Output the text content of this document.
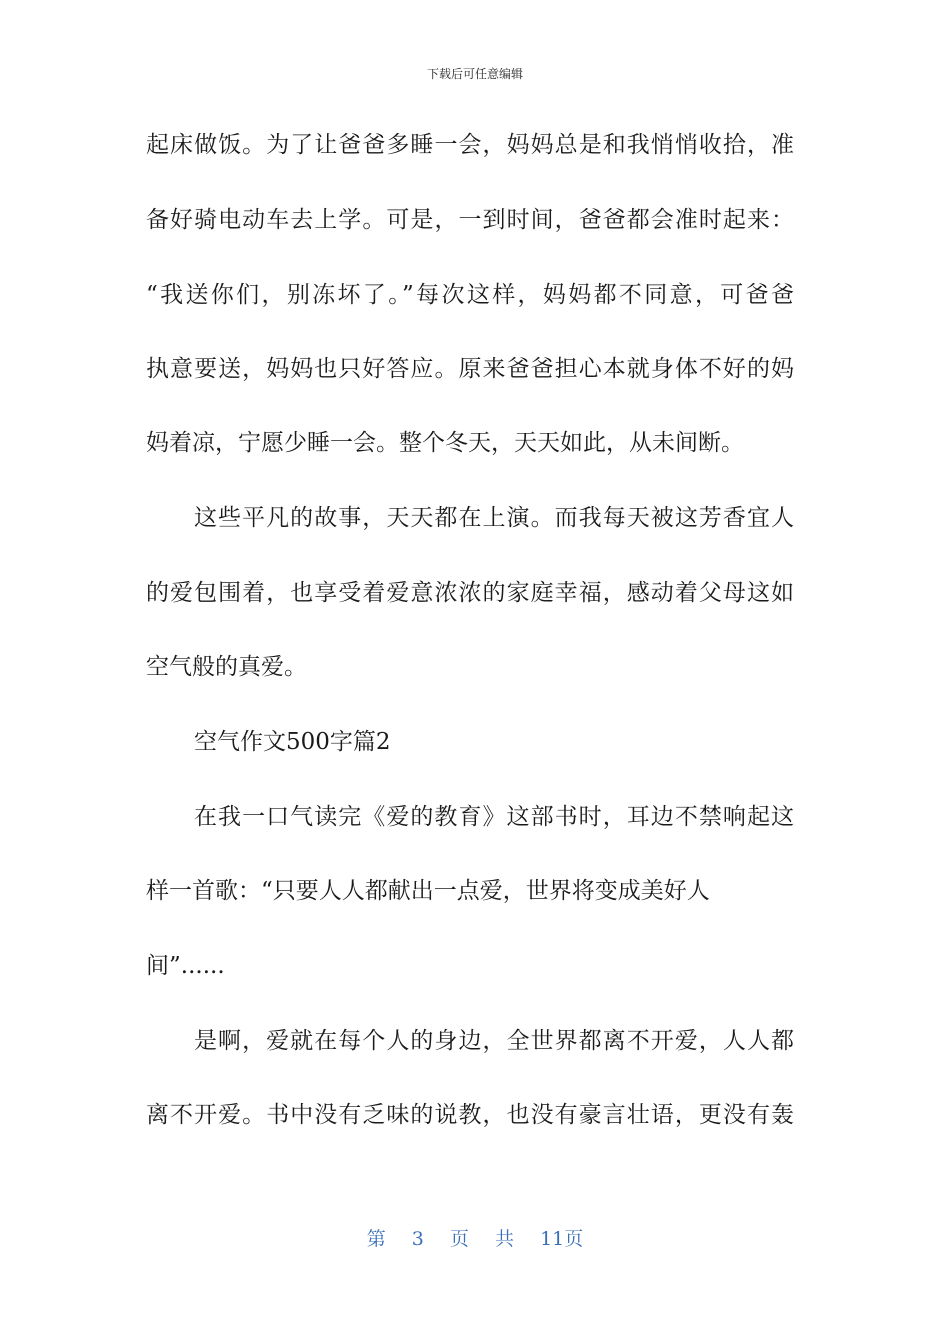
下载后可任意编辑
起床做饭。为了让爸爸多睡一会，妈妈总是和我悄悄收拾，准
备好骑电动车去上学。可是，一到时间，爸爸都会准时起来：
“我送你们，别冻坏了。”每次这样，妈妈都不同意，可爸爸
执意要送，妈妈也只好答应。原来爸爸担心本就身体不好的妈
妈着凉，宁愿少睡一会。整个冬天，天天如此，从未间断。
这些平凡的故事，天天都在上演。而我每天被这芳香宜人
的爱包围着，也享受着爱意浓浓的家庭幸福，感动着父母这如
空气般的真爱。
空气作文500字篇2
在我一口气读完《爱的教育》这部书时，耳边不禁响起这
样一首歌：“只要人人都献出一点爱，世界将变成美好人
间”......
是啊，爱就在每个人的身边，全世界都离不开爱，人人都
离不开爱。书中没有乏味的说教，也没有豪言壮语，更没有轰
第 3 页 共 11页
